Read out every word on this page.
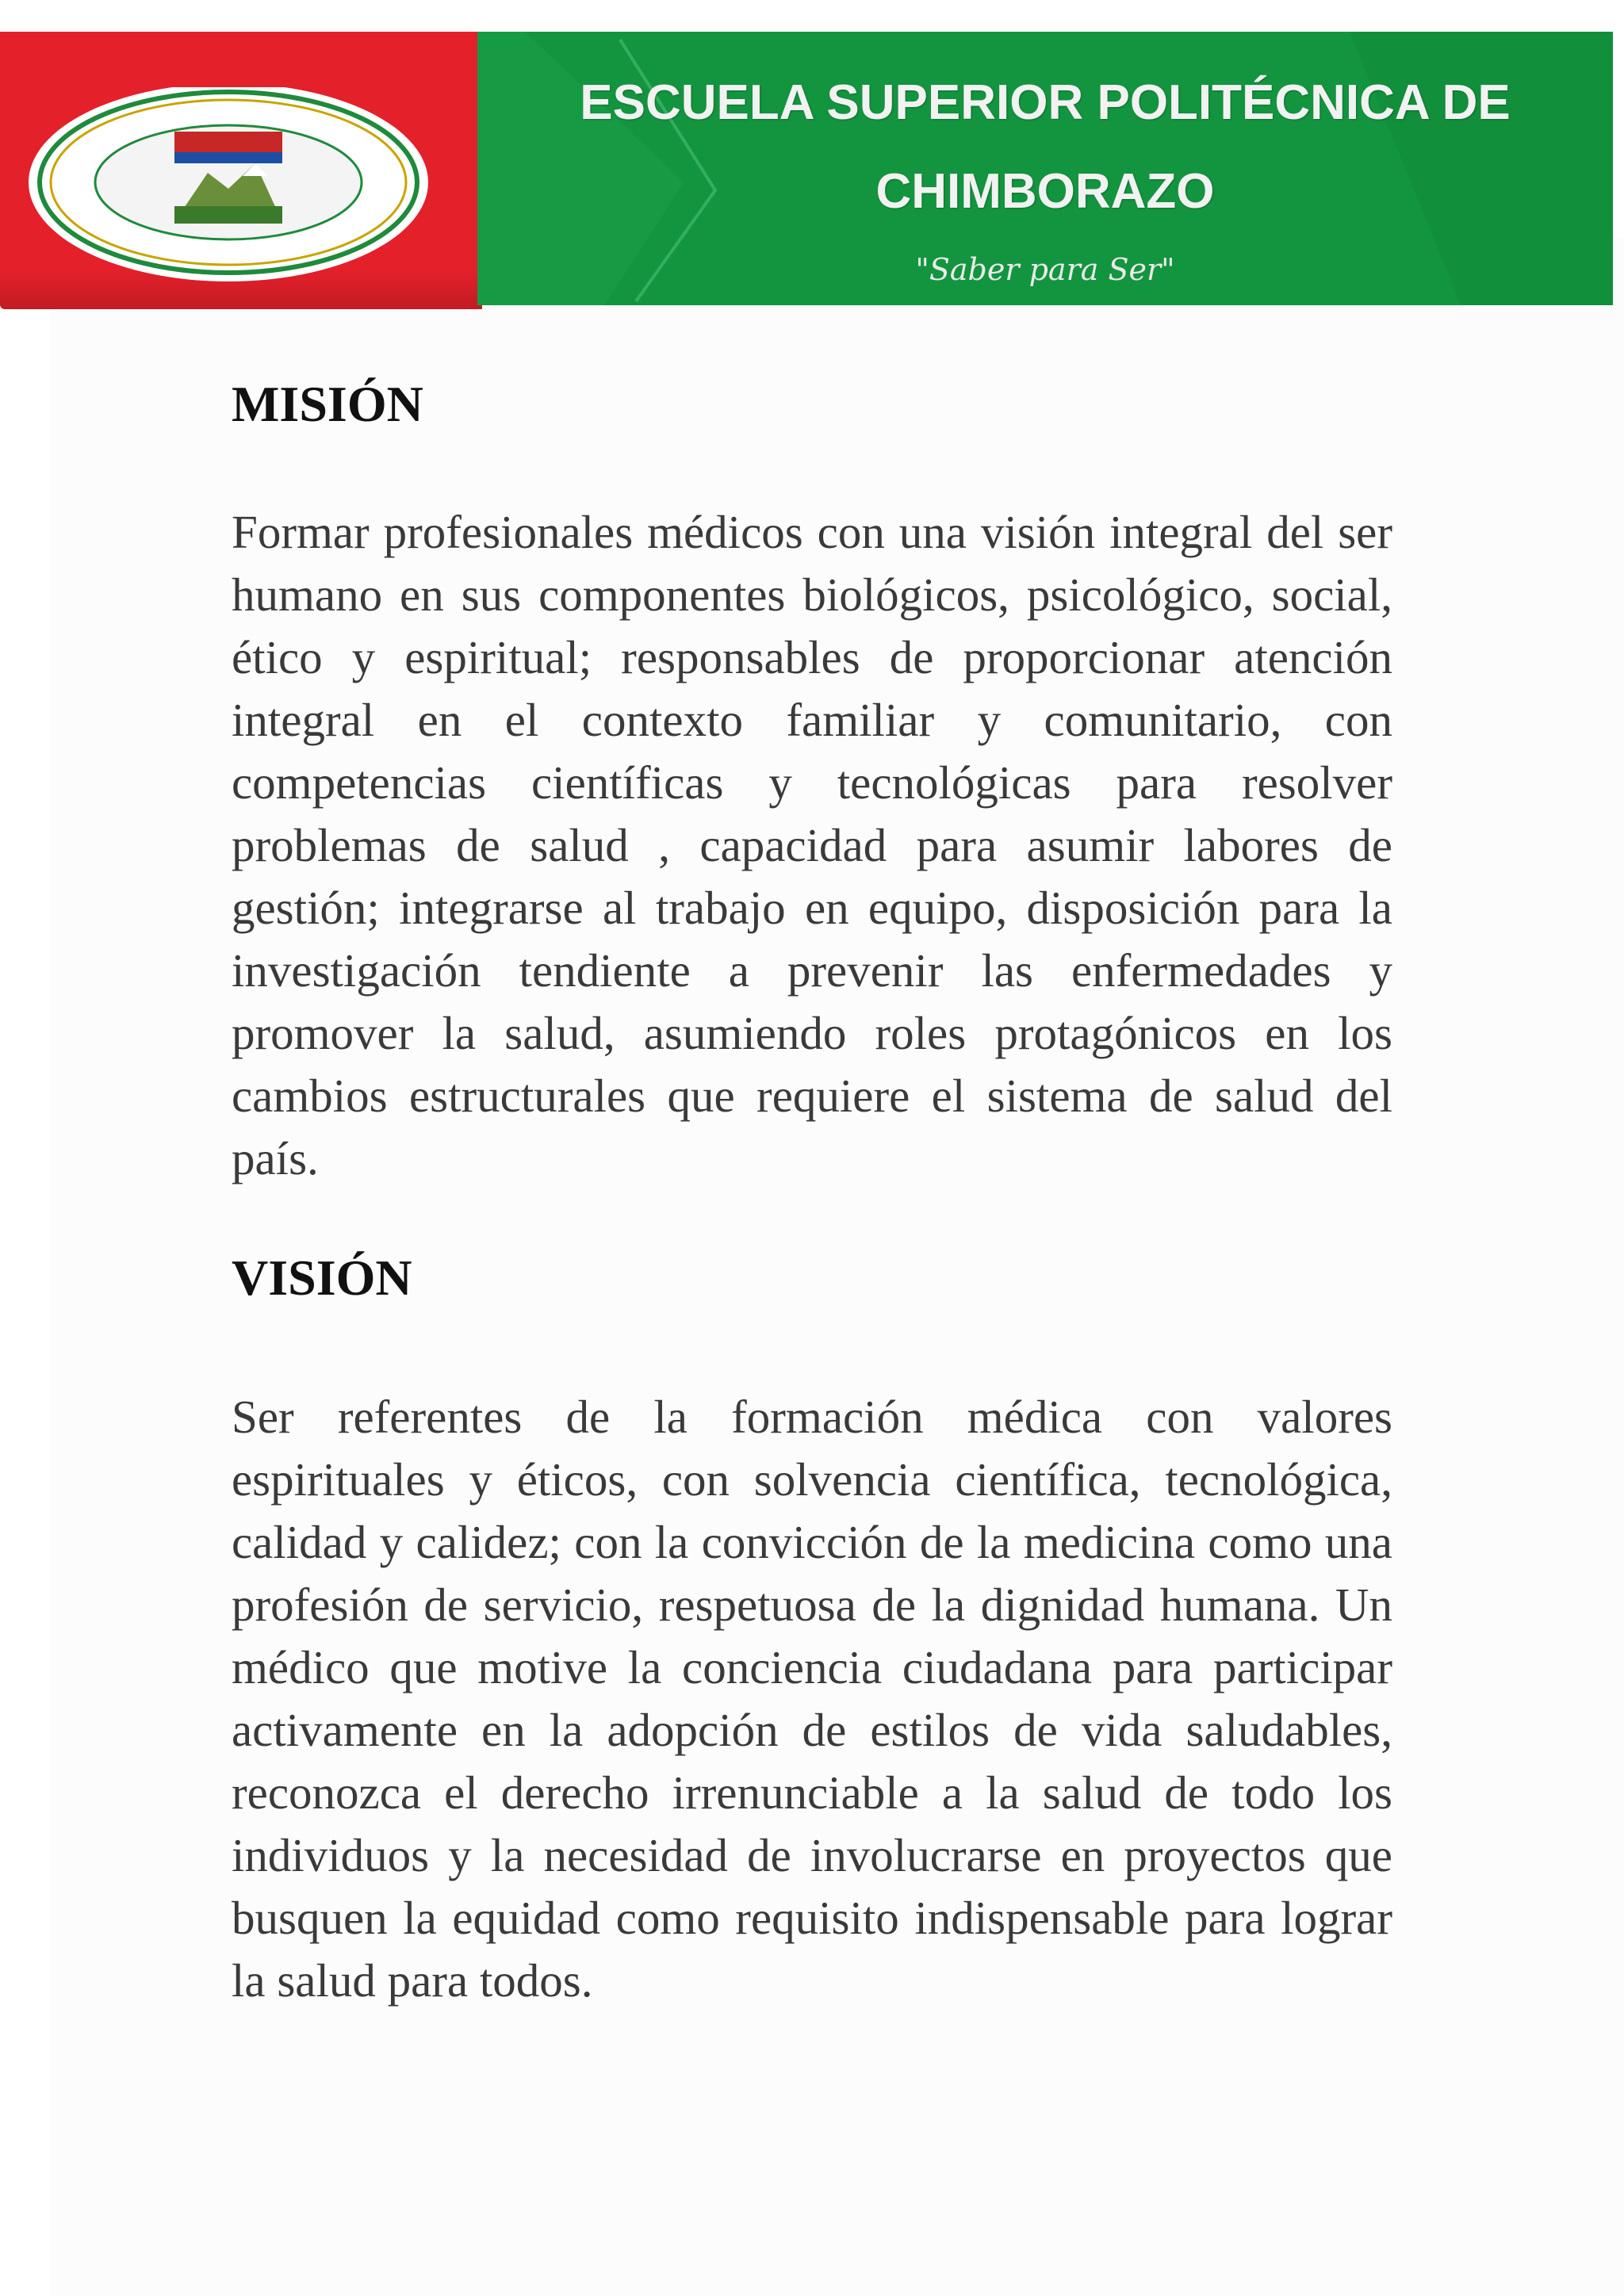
ESCUELA SUPERIOR POLITÉCNICA DE
CHIMBORAZO
"Saber para Ser"
MISIÓN

Formar profesionales médicos con una visión integral del ser humano en sus componentes biológicos, psicológico, social, ético y espiritual; responsables de proporcionar atención integral en el contexto familiar y comunitario, con competencias científicas y tecnológicas para resolver problemas de salud , capacidad para asumir labores de gestión; integrarse al trabajo en equipo, disposición para la investigación tendiente a prevenir las enfermedades y promover la salud, asumiendo roles protagónicos en los cambios estructurales que requiere el sistema de salud del país.

VISIÓN

Ser referentes de la formación médica con valores espirituales y éticos, con solvencia científica, tecnológica, calidad y calidez; con la convicción de la medicina como una profesión de servicio, respetuosa de la dignidad humana. Un médico que motive la conciencia ciudadana para participar activamente en la adopción de estilos de vida saludables, reconozca el derecho irrenunciable a la salud de todo los individuos y la necesidad de involucrarse en proyectos que busquen la equidad como requisito indispensable para lograr la salud para todos.
